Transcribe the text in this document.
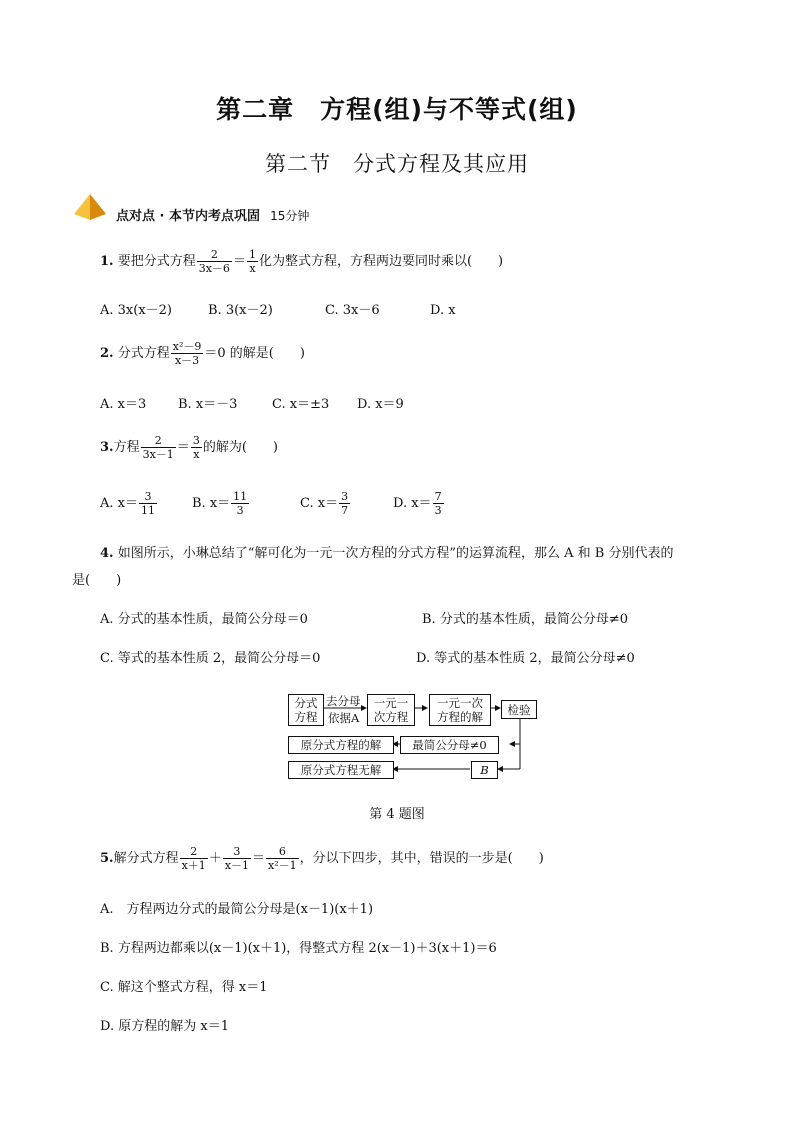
第二章　方程(组)与不等式(组)
第二节　分式方程及其应用
点对点 · 本节内考点巩固 15分钟
1. 要把分式方程 $\frac{2}{3x-6} = \frac{1}{x}$ 化为整式方程，方程两边要同时乘以(　　)
A. 3x(x－2)	B. 3(x－2)	C. 3x－6	D. x
2. 分式方程 $\frac{\text{x²－9}}{x-3} =0$ 的解是(　　)
A. x＝3 B. x＝－3	C. x＝±3 D. x＝9
3.方程 $\frac{2}{3x-1} = \frac{3}{x}$ 的解为(　　)
A. $x= \frac{3}{11}$	B. $x= \frac{11}{3}$	C. $x= \frac{3}{7}$	D. $x= \frac{7}{3}$
4. 如图所示，小琳总结了“解可化为一元一次方程的分式方程”的运算流程，那么 A 和 B 分别代表的
是(　　)
A. 分式的基本性质，最简公分母＝0	B. 分式的基本性质，最简公分母≠0
C. 等式的基本性质 2，最简公分母＝0	D. 等式的基本性质 2，最简公分母≠0
分式
方程
去分母
依据A
一元一
次方程
一元一次
方程的解
检验
最简公分母≠0
原分式方程的解
B
原分式方程无解
第 4 题图
5.解分式方程 $\frac{2}{x+1} + \frac{3}{x-1} = \frac{6}{\text{x²－1}}$ ，分以下四步，其中，错误的一步是(　　)
A.　方程两边分式的最简公分母是(x－1)(x＋1)
B. 方程两边都乘以(x－1)(x＋1)，得整式方程 2(x－1)＋3(x＋1)＝6
C. 解这个整式方程，得 x＝1
D. 原方程的解为 x＝1
